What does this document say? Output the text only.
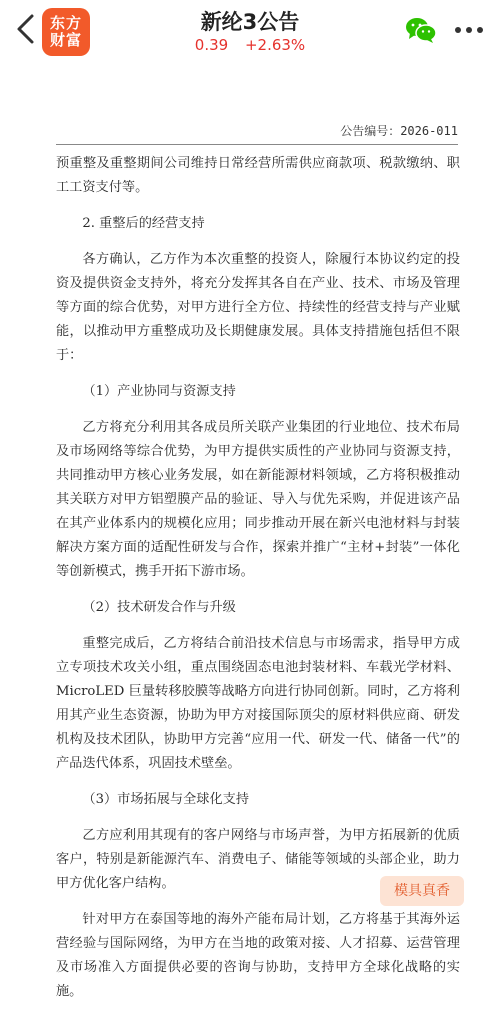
东方
财富
新纶3公告
0.39 +2.63%
公告编号：2026-011

预重整及重整期间公司维持日常经营所需供应商款项、税款缴纳、职工工资支付等。

2. 重整后的经营支持

各方确认，乙方作为本次重整的投资人，除履行本协议约定的投资及提供资金支持外，将充分发挥其各自在产业、技术、市场及管理等方面的综合优势，对甲方进行全方位、持续性的经营支持与产业赋能，以推动甲方重整成功及长期健康发展。具体支持措施包括但不限于：

（1）产业协同与资源支持

乙方将充分利用其各成员所关联产业集团的行业地位、技术布局及市场网络等综合优势，为甲方提供实质性的产业协同与资源支持，共同推动甲方核心业务发展，如在新能源材料领域，乙方将积极推动其关联方对甲方铝塑膜产品的验证、导入与优先采购，并促进该产品在其产业体系内的规模化应用；同步推动开展在新兴电池材料与封装解决方案方面的适配性研发与合作，探索并推广“主材+封装”一体化等创新模式，携手开拓下游市场。

（2）技术研发合作与升级

重整完成后，乙方将结合前沿技术信息与市场需求，指导甲方成立专项技术攻关小组，重点围绕固态电池封装材料、车载光学材料、MicroLED 巨量转移胶膜等战略方向进行协同创新。同时，乙方将利用其产业生态资源，协助为甲方对接国际顶尖的原材料供应商、研发机构及技术团队，协助甲方完善“应用一代、研发一代、储备一代”的产品迭代体系，巩固技术壁垒。

（3）市场拓展与全球化支持

乙方应利用其现有的客户网络与市场声誉，为甲方拓展新的优质客户，特别是新能源汽车、消费电子、储能等领域的头部企业，助力甲方优化客户结构。

针对甲方在泰国等地的海外产能布局计划，乙方将基于其海外运营经验与国际网络，为甲方在当地的政策对接、人才招募、运营管理及市场准入方面提供必要的咨询与协助，支持甲方全球化战略的实施。

模具真香
